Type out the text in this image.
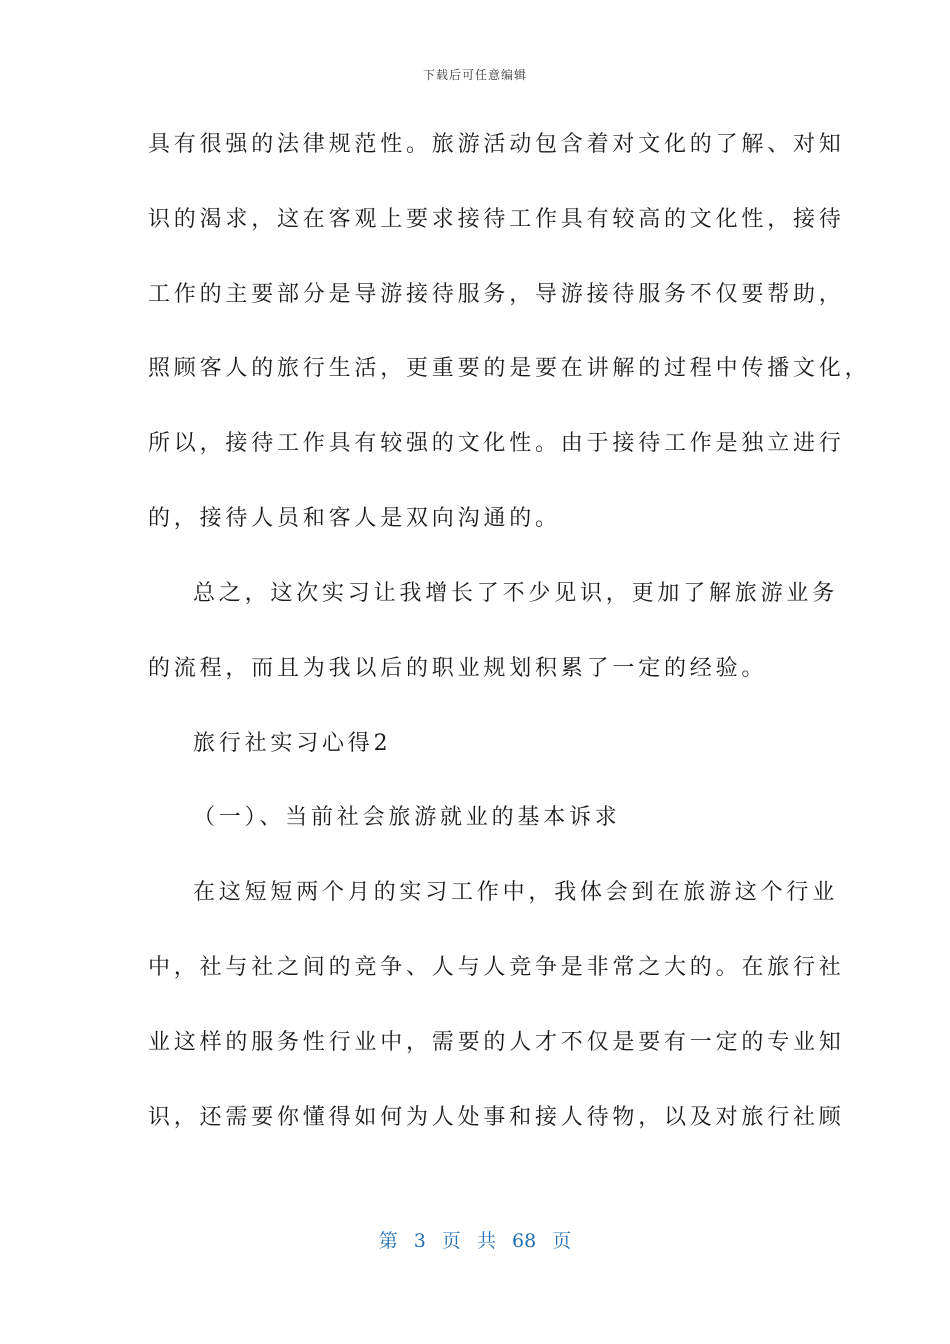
下载后可任意编辑
具有很强的法律规范性。旅游活动包含着对文化的了解、对知
识的渴求，这在客观上要求接待工作具有较高的文化性，接待
工作的主要部分是导游接待服务，导游接待服务不仅要帮助，
照顾客人的旅行生活，更重要的是要在讲解的过程中传播文化，
所以，接待工作具有较强的文化性。由于接待工作是独立进行
的，接待人员和客人是双向沟通的。
总之，这次实习让我增长了不少见识，更加了解旅游业务
的流程，而且为我以后的职业规划积累了一定的经验。
旅行社实习心得2
（一）、当前社会旅游就业的基本诉求
在这短短两个月的实习工作中，我体会到在旅游这个行业
中，社与社之间的竞争、人与人竞争是非常之大的。在旅行社
业这样的服务性行业中，需要的人才不仅是要有一定的专业知
识，还需要你懂得如何为人处事和接人待物，以及对旅行社顾
第 3 页 共 68 页
